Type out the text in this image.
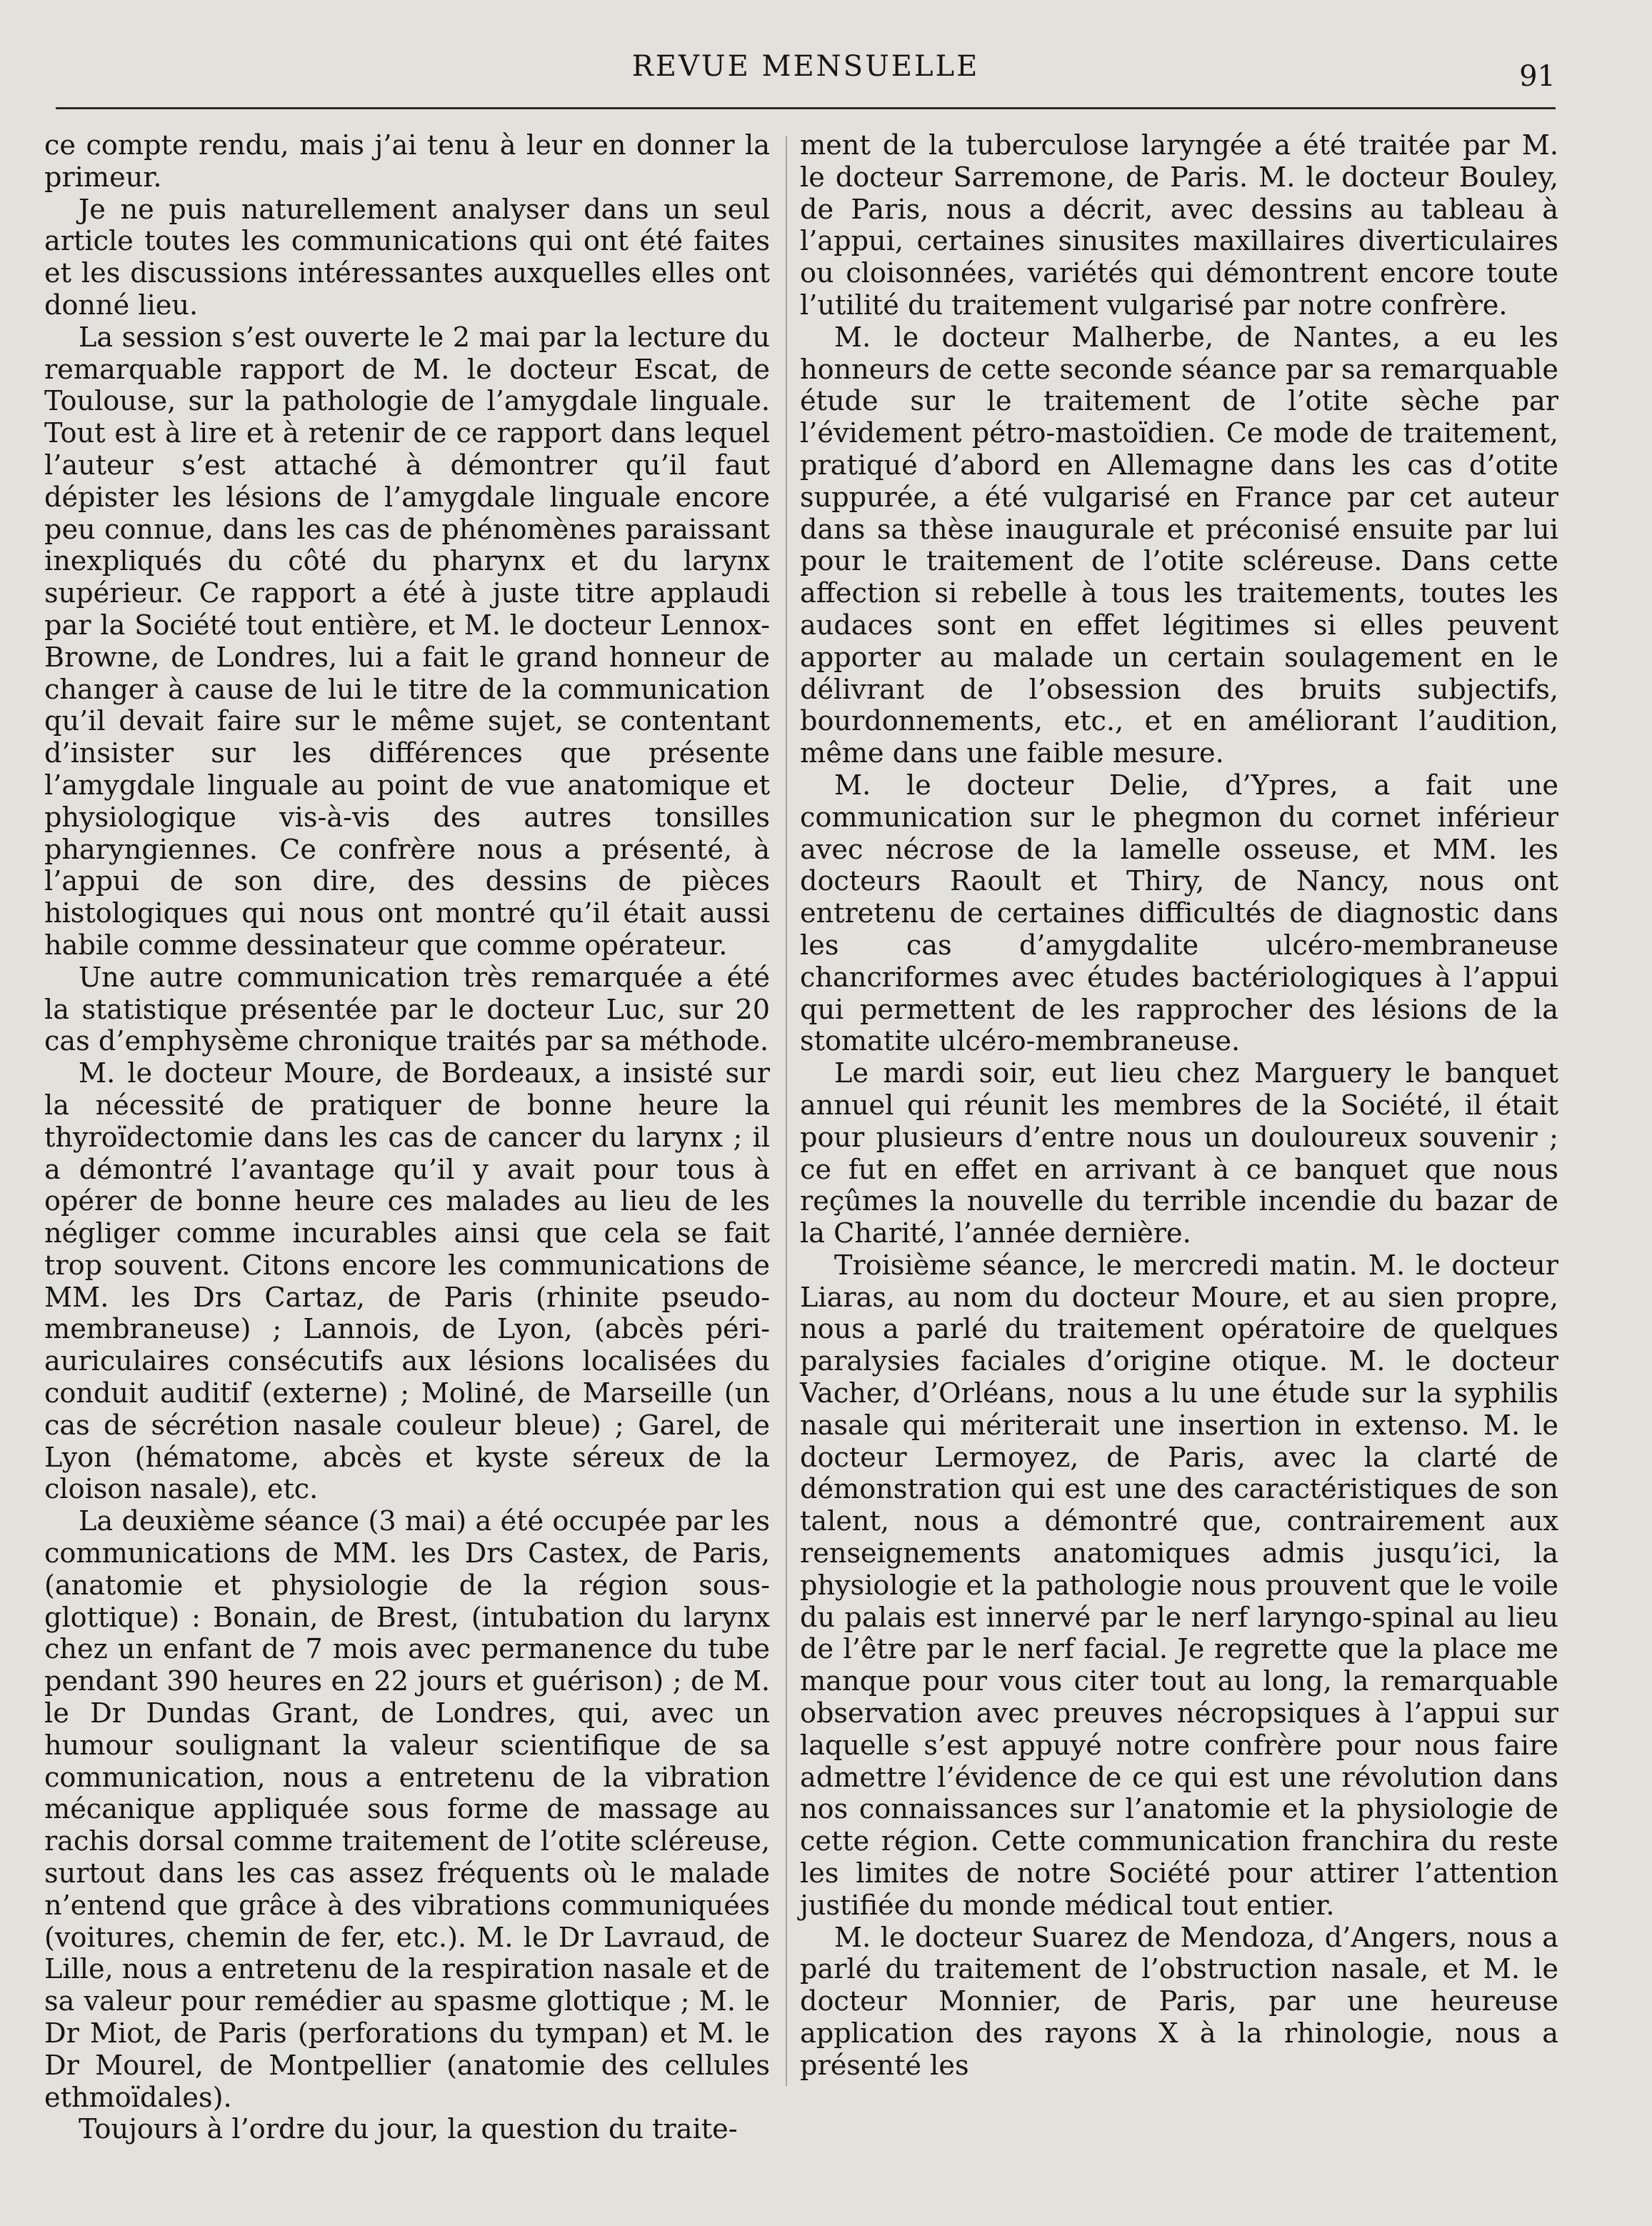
REVUE MENSUELLE	91

ce compte rendu, mais j’ai tenu à leur en donner la primeur.

Je ne puis naturellement analyser dans un seul article toutes les communications qui ont été faites et les discussions intéressantes auxquelles elles ont donné lieu.

La session s’est ouverte le 2 mai par la lecture du remarquable rapport de M. le docteur Escat, de Toulouse, sur la pathologie de l’amygdale linguale. Tout est à lire et à retenir de ce rapport dans lequel l’auteur s’est attaché à démontrer qu’il faut dépister les lésions de l’amygdale linguale encore peu connue, dans les cas de phénomènes paraissant inexpliqués du côté du pharynx et du larynx supérieur. Ce rapport a été à juste titre applaudi par la Société tout entière, et M. le docteur Lennox-Browne, de Londres, lui a fait le grand honneur de changer à cause de lui le titre de la communication qu’il devait faire sur le même sujet, se contentant d’insister sur les différences que présente l’amygdale linguale au point de vue anatomique et physiologique vis-à-vis des autres tonsilles pharyngiennes. Ce confrère nous a présenté, à l’appui de son dire, des dessins de pièces histologiques qui nous ont montré qu’il était aussi habile comme dessinateur que comme opérateur.

Une autre communication très remarquée a été la statistique présentée par le docteur Luc, sur 20 cas d’emphysème chronique traités par sa méthode.

M. le docteur Moure, de Bordeaux, a insisté sur la nécessité de pratiquer de bonne heure la thyroïdectomie dans les cas de cancer du larynx ; il a démontré l’avantage qu’il y avait pour tous à opérer de bonne heure ces malades au lieu de les négliger comme incurables ainsi que cela se fait trop souvent. Citons encore les communications de MM. les Drs Cartaz, de Paris (rhinite pseudo-membraneuse) ; Lannois, de Lyon, (abcès péri-auriculaires consécutifs aux lésions localisées du conduit auditif (externe) ; Moliné, de Marseille (un cas de sécrétion nasale couleur bleue) ; Garel, de Lyon (hématome, abcès et kyste séreux de la cloison nasale), etc.

La deuxième séance (3 mai) a été occupée par les communications de MM. les Drs Castex, de Paris, (anatomie et physiologie de la région sous-glottique) : Bonain, de Brest, (intubation du larynx chez un enfant de 7 mois avec permanence du tube pendant 390 heures en 22 jours et guérison) ; de M. le Dr Dundas Grant, de Londres, qui, avec un humour soulignant la valeur scientifique de sa communication, nous a entretenu de la vibration mécanique appliquée sous forme de massage au rachis dorsal comme traitement de l’otite scléreuse, surtout dans les cas assez fréquents où le malade n’entend que grâce à des vibrations communiquées (voitures, chemin de fer, etc.). M. le Dr Lavraud, de Lille, nous a entretenu de la respiration nasale et de sa valeur pour remédier au spasme glottique ; M. le Dr Miot, de Paris (perforations du tympan) et M. le Dr Mourel, de Montpellier (anatomie des cellules ethmoïdales).

Toujours à l’ordre du jour, la question du traite-

ment de la tuberculose laryngée a été traitée par M. le docteur Sarremone, de Paris. M. le docteur Bouley, de Paris, nous a décrit, avec dessins au tableau à l’appui, certaines sinusites maxillaires diverticulaires ou cloisonnées, variétés qui démontrent encore toute l’utilité du traitement vulgarisé par notre confrère.

M. le docteur Malherbe, de Nantes, a eu les honneurs de cette seconde séance par sa remarquable étude sur le traitement de l’otite sèche par l’évidement pétro-mastoïdien. Ce mode de traitement, pratiqué d’abord en Allemagne dans les cas d’otite suppurée, a été vulgarisé en France par cet auteur dans sa thèse inaugurale et préconisé ensuite par lui pour le traitement de l’otite scléreuse. Dans cette affection si rebelle à tous les traitements, toutes les audaces sont en effet légitimes si elles peuvent apporter au malade un certain soulagement en le délivrant de l’obsession des bruits subjectifs, bourdonnements, etc., et en améliorant l’audition, même dans une faible mesure.

M. le docteur Delie, d’Ypres, a fait une communication sur le phegmon du cornet inférieur avec nécrose de la lamelle osseuse, et MM. les docteurs Raoult et Thiry, de Nancy, nous ont entretenu de certaines difficultés de diagnostic dans les cas d’amygdalite ulcéro-membraneuse chancriformes avec études bactériologiques à l’appui qui permettent de les rapprocher des lésions de la stomatite ulcéro-membraneuse.

Le mardi soir, eut lieu chez Marguery le banquet annuel qui réunit les membres de la Société, il était pour plusieurs d’entre nous un douloureux souvenir ; ce fut en effet en arrivant à ce banquet que nous reçûmes la nouvelle du terrible incendie du bazar de la Charité, l’année dernière.

Troisième séance, le mercredi matin. M. le docteur Liaras, au nom du docteur Moure, et au sien propre, nous a parlé du traitement opératoire de quelques paralysies faciales d’origine otique. M. le docteur Vacher, d’Orléans, nous a lu une étude sur la syphilis nasale qui mériterait une insertion in extenso. M. le docteur Lermoyez, de Paris, avec la clarté de démonstration qui est une des caractéristiques de son talent, nous a démontré que, contrairement aux renseignements anatomiques admis jusqu’ici, la physiologie et la pathologie nous prouvent que le voile du palais est innervé par le nerf laryngo-spinal au lieu de l’être par le nerf facial. Je regrette que la place me manque pour vous citer tout au long, la remarquable observation avec preuves nécropsiques à l’appui sur laquelle s’est appuyé notre confrère pour nous faire admettre l’évidence de ce qui est une révolution dans nos connaissances sur l’anatomie et la physiologie de cette région. Cette communication franchira du reste les limites de notre Société pour attirer l’attention justifiée du monde médical tout entier.

M. le docteur Suarez de Mendoza, d’Angers, nous a parlé du traitement de l’obstruction nasale, et M. le docteur Monnier, de Paris, par une heureuse application des rayons X à la rhinologie, nous a présenté les
